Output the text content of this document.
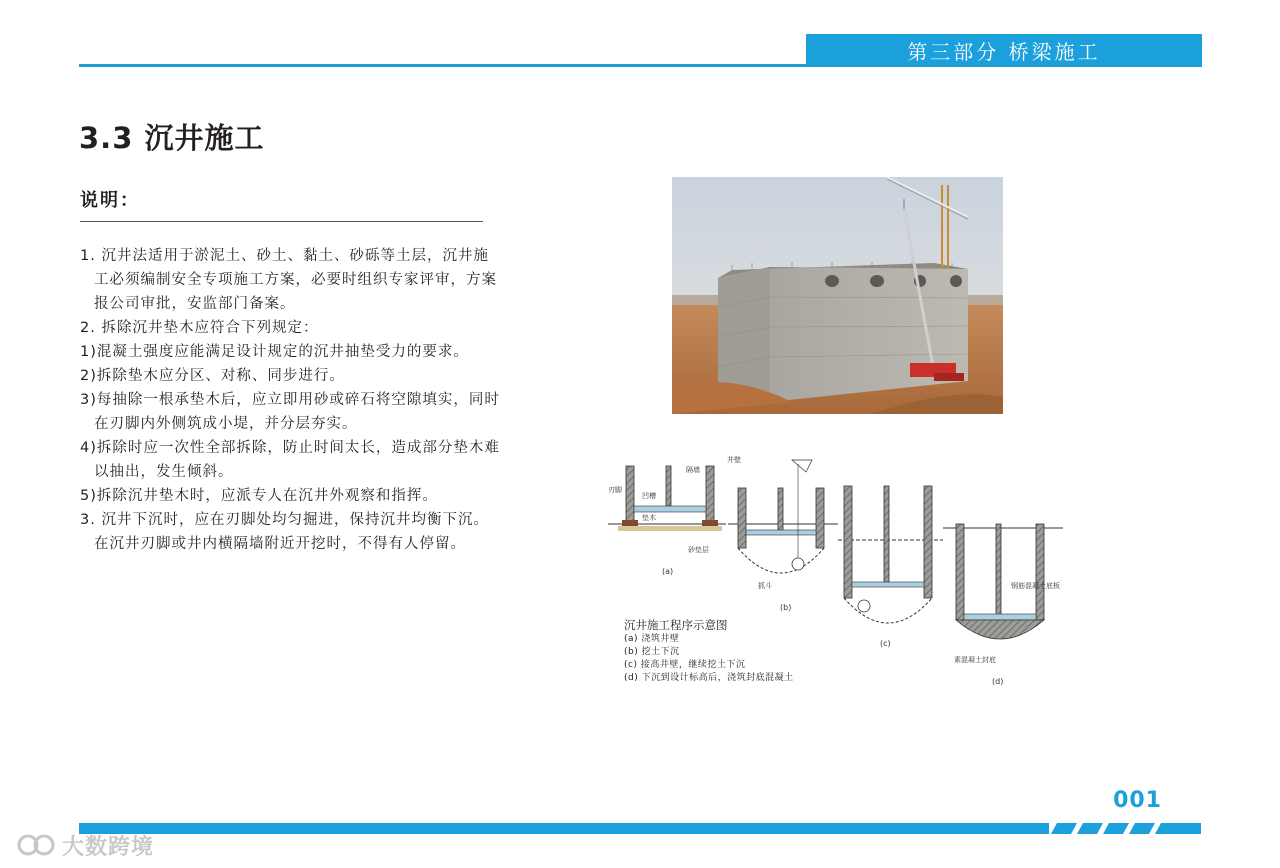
第三部分 桥梁施工
3.3 沉井施工
说明：
1. 沉井法适用于淤泥土、砂土、黏土、砂砾等土层，沉井施工必须编制安全专项施工方案，必要时组织专家评审，方案报公司审批，安监部门备案。
2. 拆除沉井垫木应符合下列规定：
1)混凝土强度应能满足设计规定的沉井抽垫受力的要求。
2)拆除垫木应分区、对称、同步进行。
3)每抽除一根承垫木后，应立即用砂或碎石将空隙填实，同时在刃脚内外侧筑成小堤，并分层夯实。
4)拆除时应一次性全部拆除，防止时间太长，造成部分垫木难以抽出，发生倾斜。
5)拆除沉井垫木时，应派专人在沉井外观察和指挥。
3. 沉井下沉时，应在刃脚处均匀掘进，保持沉井均衡下沉。在沉井刃脚或井内横隔墙附近开挖时，不得有人停留。
隔墙
井壁
刃脚
凹槽
垫木
砂垫层
(a)
抓斗
(b)
(c)
钢筋混凝土底板
素混凝土封底
(d)
沉井施工程序示意图
(a) 浇筑井壁
(b) 挖土下沉
(c) 接高井壁，继续挖土下沉
(d) 下沉到设计标高后，浇筑封底混凝土
001
大数跨境
